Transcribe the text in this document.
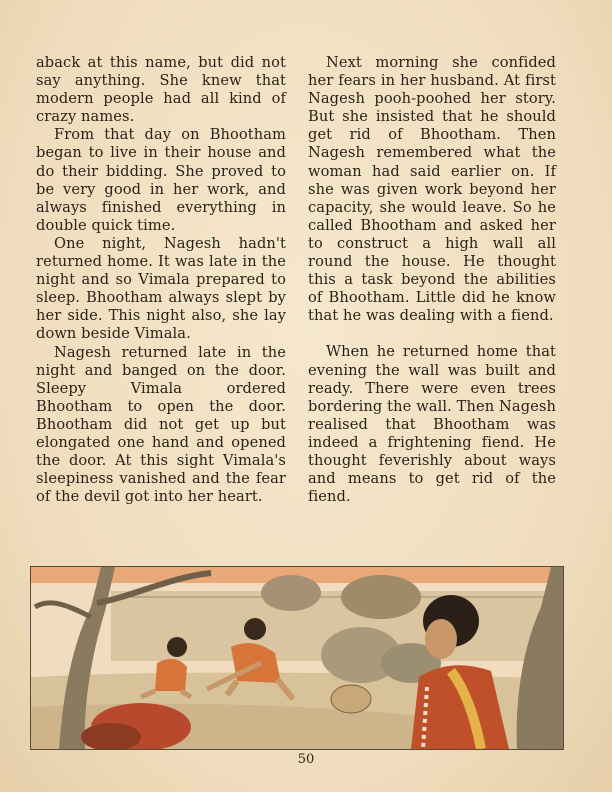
aback at this name, but did not say anything. She knew that modern people had all kind of crazy names.

From that day on Bhootham began to live in their house and do their bidding. She proved to be very good in her work, and always finished everything in double quick time.

One night, Nagesh hadn't returned home. It was late in the night and so Vimala prepared to sleep. Bhootham always slept by her side. This night also, she lay down beside Vimala.

Nagesh returned late in the night and banged on the door. Sleepy Vimala ordered Bhootham to open the door. Bhootham did not get up but elongated one hand and opened the door. At this sight Vimala's sleepiness vanished and the fear of the devil got into her heart.

Next morning she confided her fears in her husband. At first Nagesh pooh-poohed her story. But she insisted that he should get rid of Bhootham. Then Nagesh remembered what the woman had said earlier on. If she was given work beyond her capacity, she would leave. So he called Bhootham and asked her to construct a high wall all round the house. He thought this a task beyond the abilities of Bhootham. Little did he know that he was dealing with a fiend.

When he returned home that evening the wall was built and ready. There were even trees bordering the wall. Then Nagesh realised that Bhootham was indeed a frightening fiend. He thought feverishly about ways and means to get rid of the fiend.

50
